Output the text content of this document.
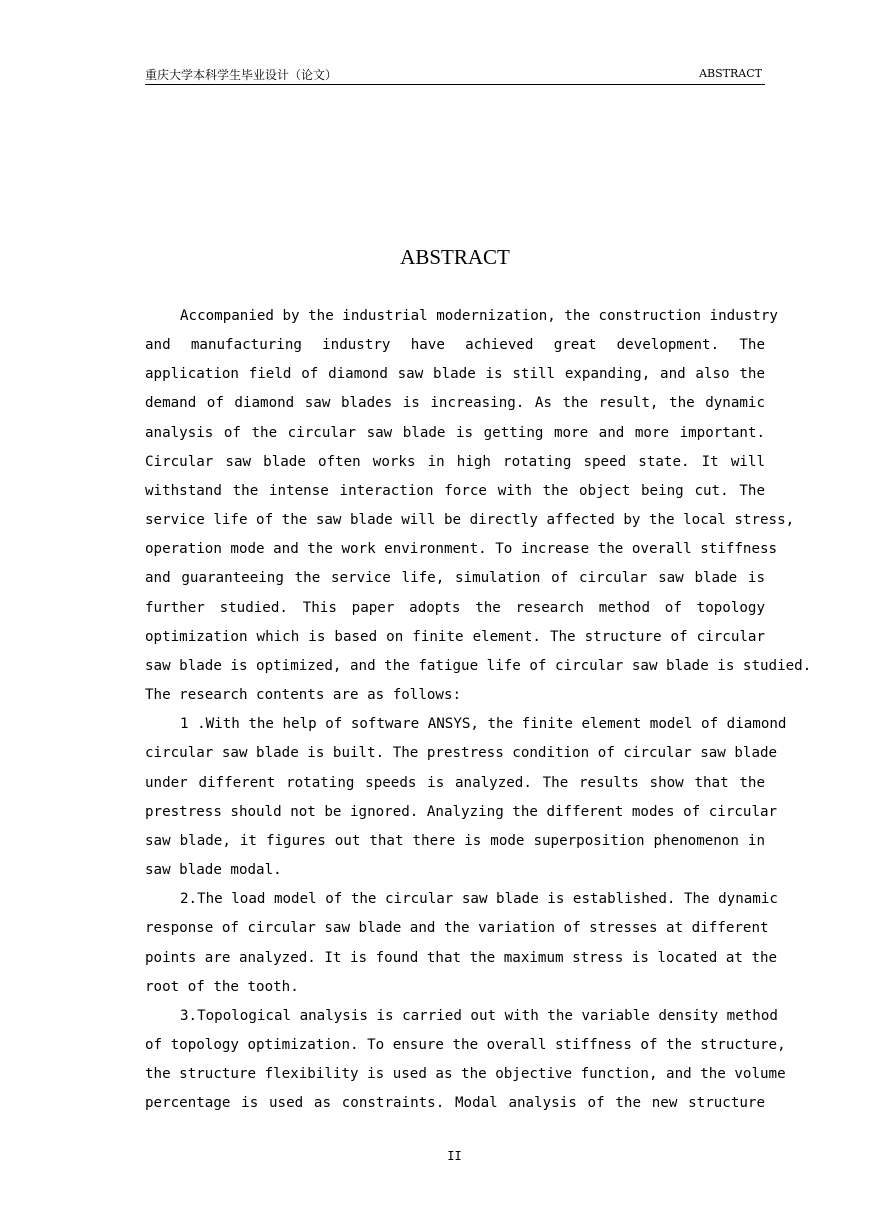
重庆大学本科学生毕业设计（论文）	ABSTRACT
ABSTRACT
Accompanied by the industrial modernization, the construction industry
and manufacturing industry have achieved great development. The
application field of diamond saw blade is still expanding, and also the
demand of diamond saw blades is increasing. As the result, the dynamic
analysis of the circular saw blade is getting more and more important.
Circular saw blade often works in high rotating speed state. It will
withstand the intense interaction force with the object being cut. The
service life of the saw blade will be directly affected by the local stress,
operation mode and the work environment. To increase the overall stiffness
and guaranteeing the service life, simulation of circular saw blade is
further studied. This paper adopts the research method of topology
optimization which is based on finite element. The structure of circular
saw blade is optimized, and the fatigue life of circular saw blade is studied.
The research contents are as follows:
1 .With the help of software ANSYS, the finite element model of diamond
circular saw blade is built. The prestress condition of circular saw blade
under different rotating speeds is analyzed. The results show that the
prestress should not be ignored. Analyzing the different modes of circular
saw blade, it figures out that there is mode superposition phenomenon in
saw blade modal.
2.The load model of the circular saw blade is established. The dynamic
response of circular saw blade and the variation of stresses at different
points are analyzed. It is found that the maximum stress is located at the
root of the tooth.
3.Topological analysis is carried out with the variable density method
of topology optimization. To ensure the overall stiffness of the structure,
the structure flexibility is used as the objective function, and the volume
percentage is used as constraints. Modal analysis of the new structure
II
